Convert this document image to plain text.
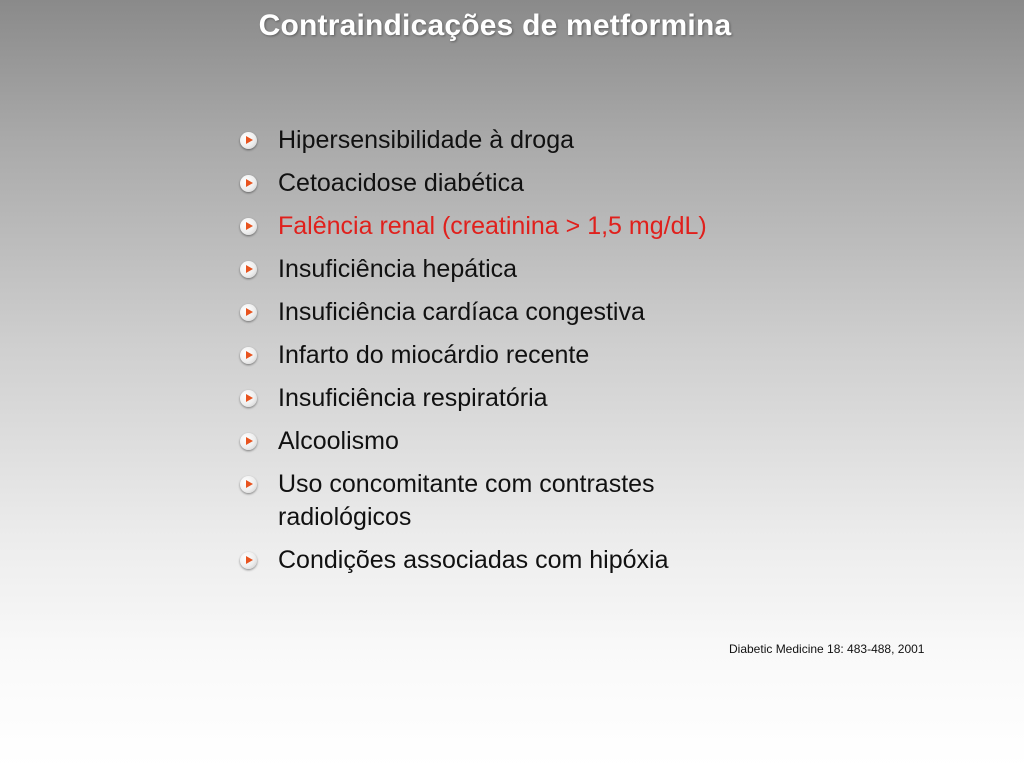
Contraindicações de metformina
Hipersensibilidade à droga
Cetoacidose diabética
Falência renal (creatinina > 1,5 mg/dL)
Insuficiência hepática
Insuficiência cardíaca congestiva
Infarto do miocárdio recente
Insuficiência respiratória
Alcoolismo
Uso concomitante com contrastes radiológicos
Condições associadas com hipóxia
Diabetic Medicine 18: 483-488, 2001
